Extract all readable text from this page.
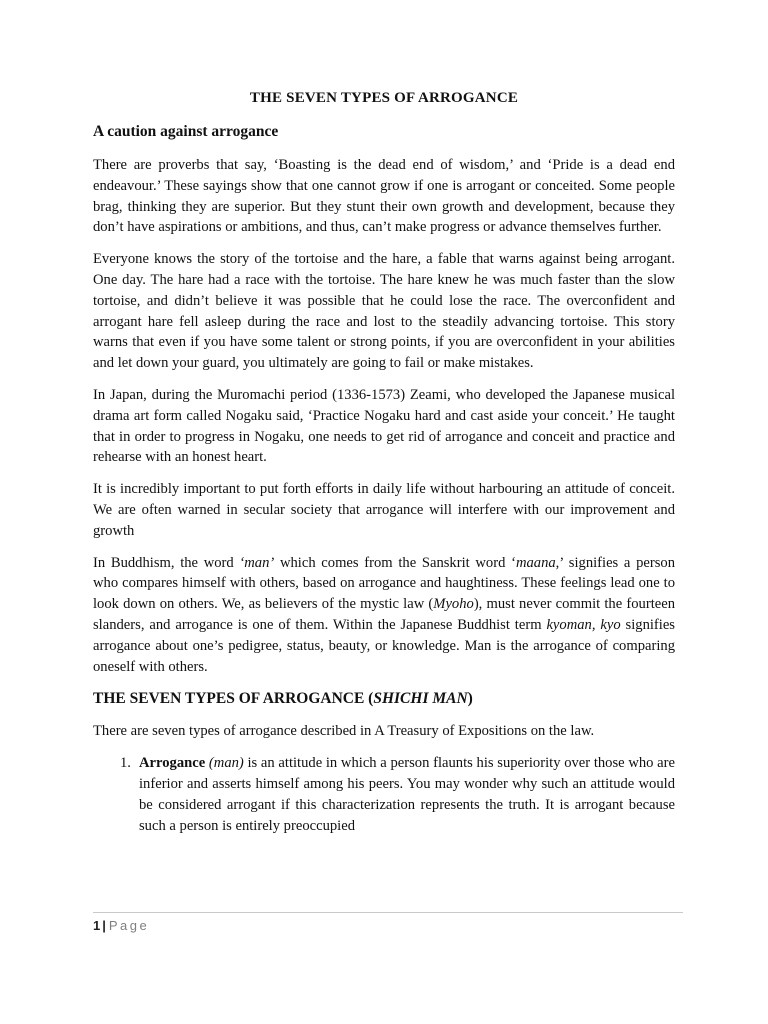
THE SEVEN TYPES OF ARROGANCE
A caution against arrogance

There are proverbs that say, ‘Boasting is the dead end of wisdom,’ and ‘Pride is a dead end endeavour.’ These sayings show that one cannot grow if one is arrogant or conceited. Some people brag, thinking they are superior. But they stunt their own growth and development, because they don’t have aspirations or ambitions, and thus, can’t make progress or advance themselves further.

Everyone knows the story of the tortoise and the hare, a fable that warns against being arrogant. One day. The hare had a race with the tortoise. The hare knew he was much faster than the slow tortoise, and didn’t believe it was possible that he could lose the race. The overconfident and arrogant hare fell asleep during the race and lost to the steadily advancing tortoise. This story warns that even if you have some talent or strong points, if you are overconfident in your abilities and let down your guard, you ultimately are going to fail or make mistakes.

In Japan, during the Muromachi period (1336-1573) Zeami, who developed the Japanese musical drama art form called Nogaku said, ‘Practice Nogaku hard and cast aside your conceit.’ He taught that in order to progress in Nogaku, one needs to get rid of arrogance and conceit and practice and rehearse with an honest heart.

It is incredibly important to put forth efforts in daily life without harbouring an attitude of conceit. We are often warned in secular society that arrogance will interfere with our improvement and growth

In Buddhism, the word ‘man’ which comes from the Sanskrit word ‘maana,’ signifies a person who compares himself with others, based on arrogance and haughtiness. These feelings lead one to look down on others. We, as believers of the mystic law (Myoho), must never commit the fourteen slanders, and arrogance is one of them. Within the Japanese Buddhist term kyoman, kyo signifies arrogance about one’s pedigree, status, beauty, or knowledge. Man is the arrogance of comparing oneself with others.

THE SEVEN TYPES OF ARROGANCE (SHICHI MAN)

There are seven types of arrogance described in A Treasury of Expositions on the law.

1. Arrogance (man) is an attitude in which a person flaunts his superiority over those who are inferior and asserts himself among his peers. You may wonder why such an attitude would be considered arrogant if this characterization represents the truth. It is arrogant because such a person is entirely preoccupied
1 | Page
